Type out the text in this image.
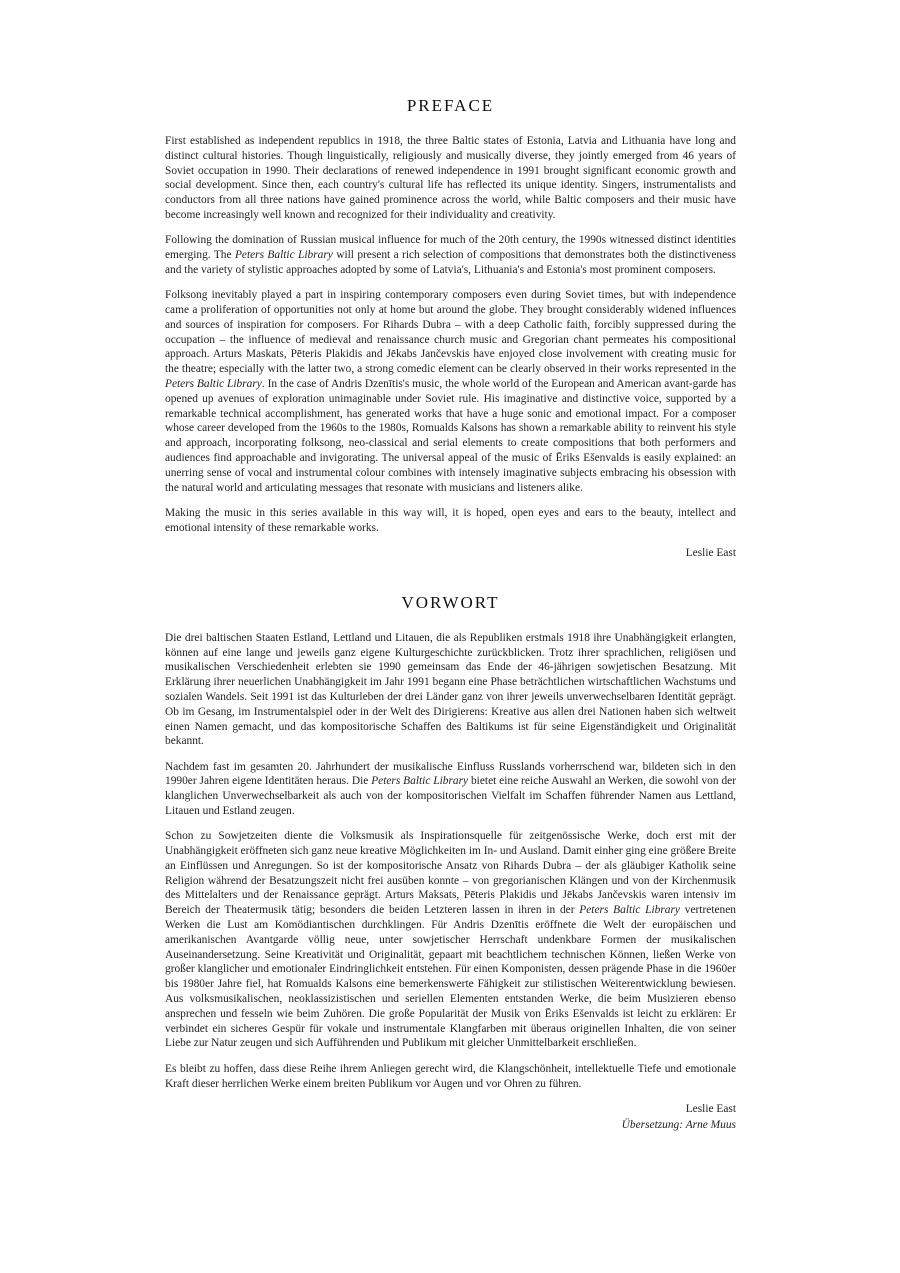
PREFACE

First established as independent republics in 1918, the three Baltic states of Estonia, Latvia and Lithuania have long and distinct cultural histories. Though linguistically, religiously and musically diverse, they jointly emerged from 46 years of Soviet occupation in 1990. Their declarations of renewed independence in 1991 brought significant economic growth and social development. Since then, each country's cultural life has reflected its unique identity. Singers, instrumentalists and conductors from all three nations have gained prominence across the world, while Baltic composers and their music have become increasingly well known and recognized for their individuality and creativity.

Following the domination of Russian musical influence for much of the 20th century, the 1990s witnessed distinct identities emerging. The Peters Baltic Library will present a rich selection of compositions that demonstrates both the distinctiveness and the variety of stylistic approaches adopted by some of Latvia's, Lithuania's and Estonia's most prominent composers.

Folksong inevitably played a part in inspiring contemporary composers even during Soviet times, but with independence came a proliferation of opportunities not only at home but around the globe. They brought considerably widened influences and sources of inspiration for composers. For Rihards Dubra – with a deep Catholic faith, forcibly suppressed during the occupation – the influence of medieval and renaissance church music and Gregorian chant permeates his compositional approach. Arturs Maskats, Pēteris Plakidis and Jēkabs Jančevskis have enjoyed close involvement with creating music for the theatre; especially with the latter two, a strong comedic element can be clearly observed in their works represented in the Peters Baltic Library. In the case of Andris Dzenītis's music, the whole world of the European and American avant-garde has opened up avenues of exploration unimaginable under Soviet rule. His imaginative and distinctive voice, supported by a remarkable technical accomplishment, has generated works that have a huge sonic and emotional impact. For a composer whose career developed from the 1960s to the 1980s, Romualds Kalsons has shown a remarkable ability to reinvent his style and approach, incorporating folksong, neo-classical and serial elements to create compositions that both performers and audiences find approachable and invigorating. The universal appeal of the music of Ēriks Ešenvalds is easily explained: an unerring sense of vocal and instrumental colour combines with intensely imaginative subjects embracing his obsession with the natural world and articulating messages that resonate with musicians and listeners alike.

Making the music in this series available in this way will, it is hoped, open eyes and ears to the beauty, intellect and emotional intensity of these remarkable works.

Leslie East

VORWORT

Die drei baltischen Staaten Estland, Lettland und Litauen, die als Republiken erstmals 1918 ihre Unabhängigkeit erlangten, können auf eine lange und jeweils ganz eigene Kulturgeschichte zurückblicken. Trotz ihrer sprachlichen, religiösen und musikalischen Verschiedenheit erlebten sie 1990 gemeinsam das Ende der 46-jährigen sowjetischen Besatzung. Mit Erklärung ihrer neuerlichen Unabhängigkeit im Jahr 1991 begann eine Phase beträchtlichen wirtschaftlichen Wachstums und sozialen Wandels. Seit 1991 ist das Kulturleben der drei Länder ganz von ihrer jeweils unverwechselbaren Identität geprägt. Ob im Gesang, im Instrumentalspiel oder in der Welt des Dirigierens: Kreative aus allen drei Nationen haben sich weltweit einen Namen gemacht, und das kompositorische Schaffen des Baltikums ist für seine Eigenständigkeit und Originalität bekannt.

Nachdem fast im gesamten 20. Jahrhundert der musikalische Einfluss Russlands vorherrschend war, bildeten sich in den 1990er Jahren eigene Identitäten heraus. Die Peters Baltic Library bietet eine reiche Auswahl an Werken, die sowohl von der klanglichen Unverwechselbarkeit als auch von der kompositorischen Vielfalt im Schaffen führender Namen aus Lettland, Litauen und Estland zeugen.

Schon zu Sowjetzeiten diente die Volksmusik als Inspirationsquelle für zeitgenössische Werke, doch erst mit der Unabhängigkeit eröffneten sich ganz neue kreative Möglichkeiten im In- und Ausland. Damit einher ging eine größere Breite an Einflüssen und Anregungen. So ist der kompositorische Ansatz von Rihards Dubra – der als gläubiger Katholik seine Religion während der Besatzungszeit nicht frei ausüben konnte – von gregorianischen Klängen und von der Kirchenmusik des Mittelalters und der Renaissance geprägt. Arturs Maksats, Pēteris Plakidis und Jēkabs Jančevskis waren intensiv im Bereich der Theatermusik tätig; besonders die beiden Letzteren lassen in ihren in der Peters Baltic Library vertretenen Werken die Lust am Komödiantischen durchklingen. Für Andris Dzenītis eröffnete die Welt der europäischen und amerikanischen Avantgarde völlig neue, unter sowjetischer Herrschaft undenkbare Formen der musikalischen Auseinandersetzung. Seine Kreativität und Originalität, gepaart mit beachtlichem technischen Können, ließen Werke von großer klanglicher und emotionaler Eindringlichkeit entstehen. Für einen Komponisten, dessen prägende Phase in die 1960er bis 1980er Jahre fiel, hat Romualds Kalsons eine bemerkenswerte Fähigkeit zur stilistischen Weiterentwicklung bewiesen. Aus volksmusikalischen, neoklassizistischen und seriellen Elementen entstanden Werke, die beim Musizieren ebenso ansprechen und fesseln wie beim Zuhören. Die große Popularität der Musik von Ēriks Ešenvalds ist leicht zu erklären: Er verbindet ein sicheres Gespür für vokale und instrumentale Klangfarben mit überaus originellen Inhalten, die von seiner Liebe zur Natur zeugen und sich Aufführenden und Publikum mit gleicher Unmittelbarkeit erschließen.

Es bleibt zu hoffen, dass diese Reihe ihrem Anliegen gerecht wird, die Klangschönheit, intellektuelle Tiefe und emotionale Kraft dieser herrlichen Werke einem breiten Publikum vor Augen und vor Ohren zu führen.

Leslie East

Übersetzung: Arne Muus
